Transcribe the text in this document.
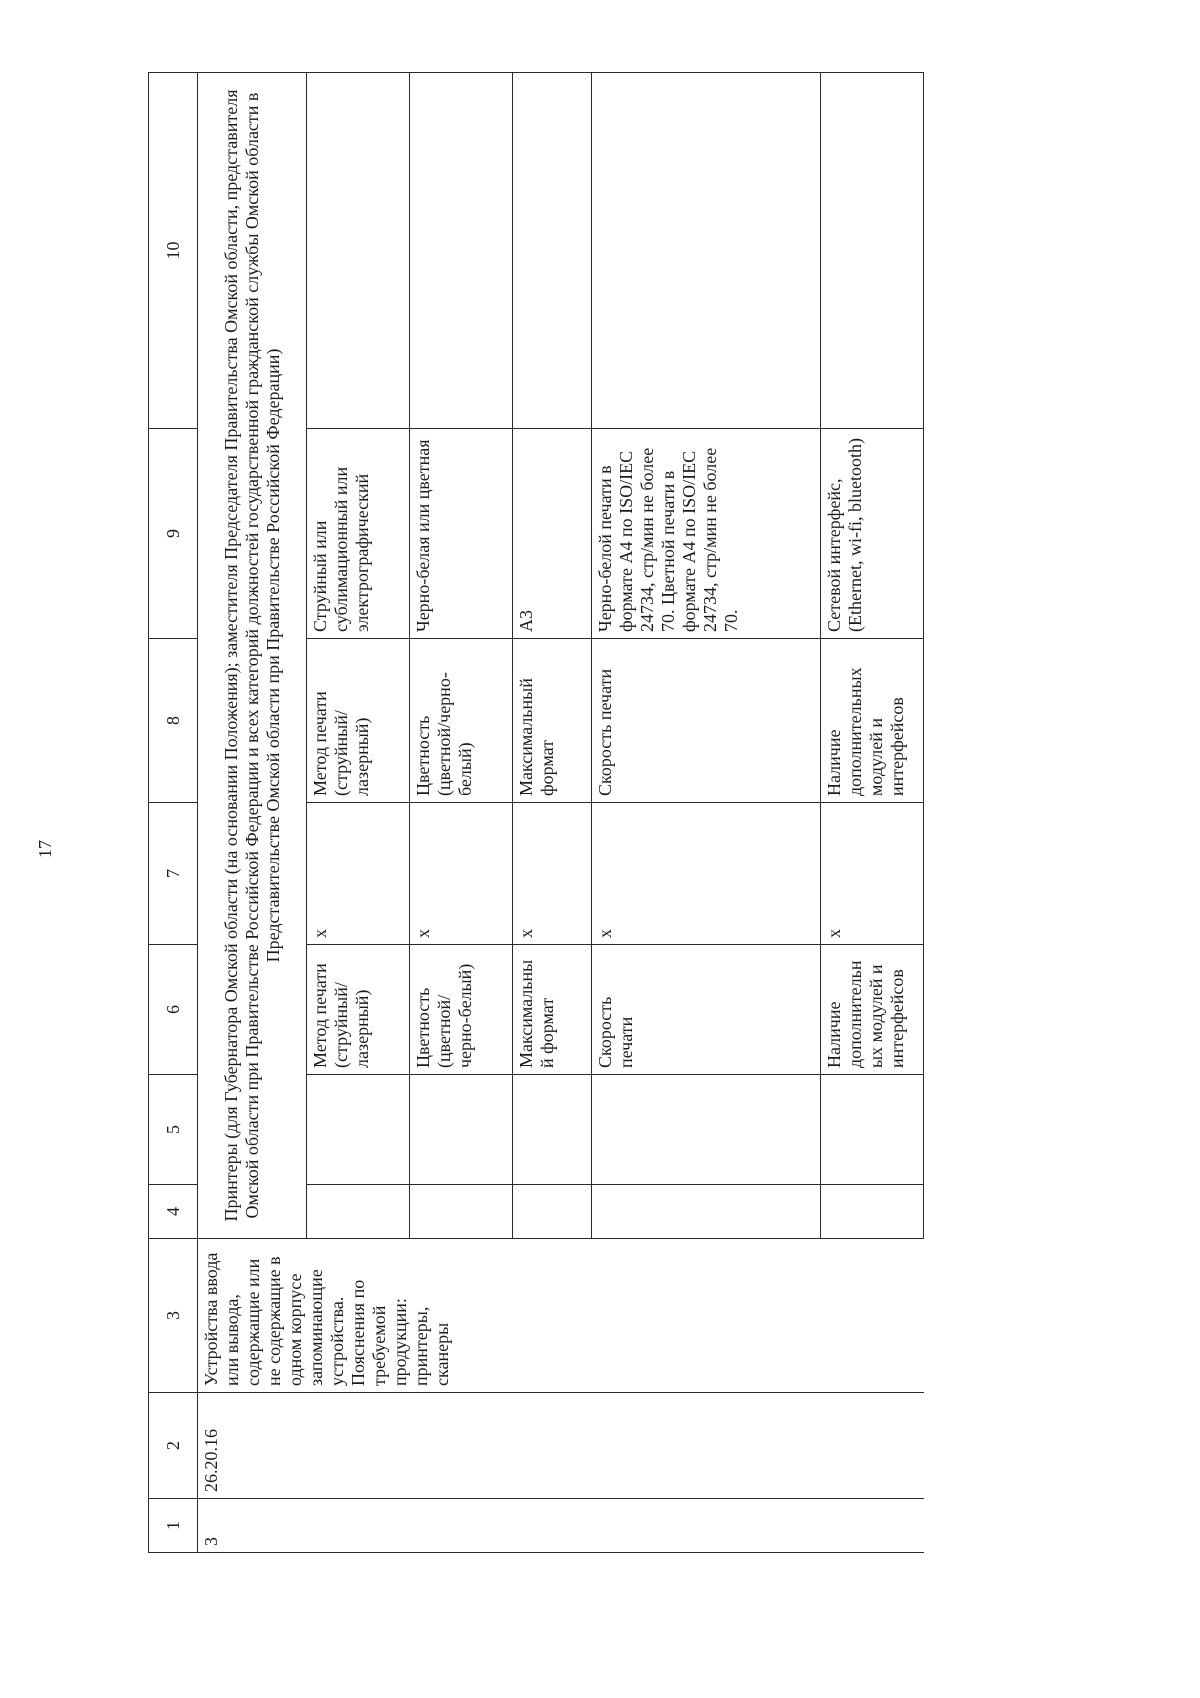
17
1	2	3	4	5	6	7	8	9	10
3	26.20.16	Устройства ввода или вывода, содержащие или не содержащие в одном корпусе запоминающие устройства. Пояснения по требуемой продукции: принтеры, сканеры	Принтеры (для Губернатора Омской области (на основании Положения); заместителя Председателя Правительства Омской области, представителя Омской области при Правительстве Российской Федерации и всех категорий должностей государственной гражданской службы Омской области в Представительстве Омской области при Правительстве Российской Федерации)						
					Метод печати (струйный/лазерный)	x	Метод печати (струйный/лазерный)	Струйный или сублимационный или электрографический	
					Цветность (цветной/черно-белый)	x	Цветность (цветной/черно-белый)	Черно-белая или цветная	
					Максимальный формат	x	Максимальный формат	А3	
					Скорость печати	x	Скорость печати	Черно-белой печати в формате А4 по ISO/IEC 24734, стр/мин не более 70. Цветной печати в формате А4 по ISO/IEC 24734, стр/мин не более 70.	
					Наличие дополнительных модулей и интерфейсов	x	Наличие дополнительных модулей и интерфейсов	Сетевой интерфейс, (Ethernet, wi-fi, bluetooth)	
